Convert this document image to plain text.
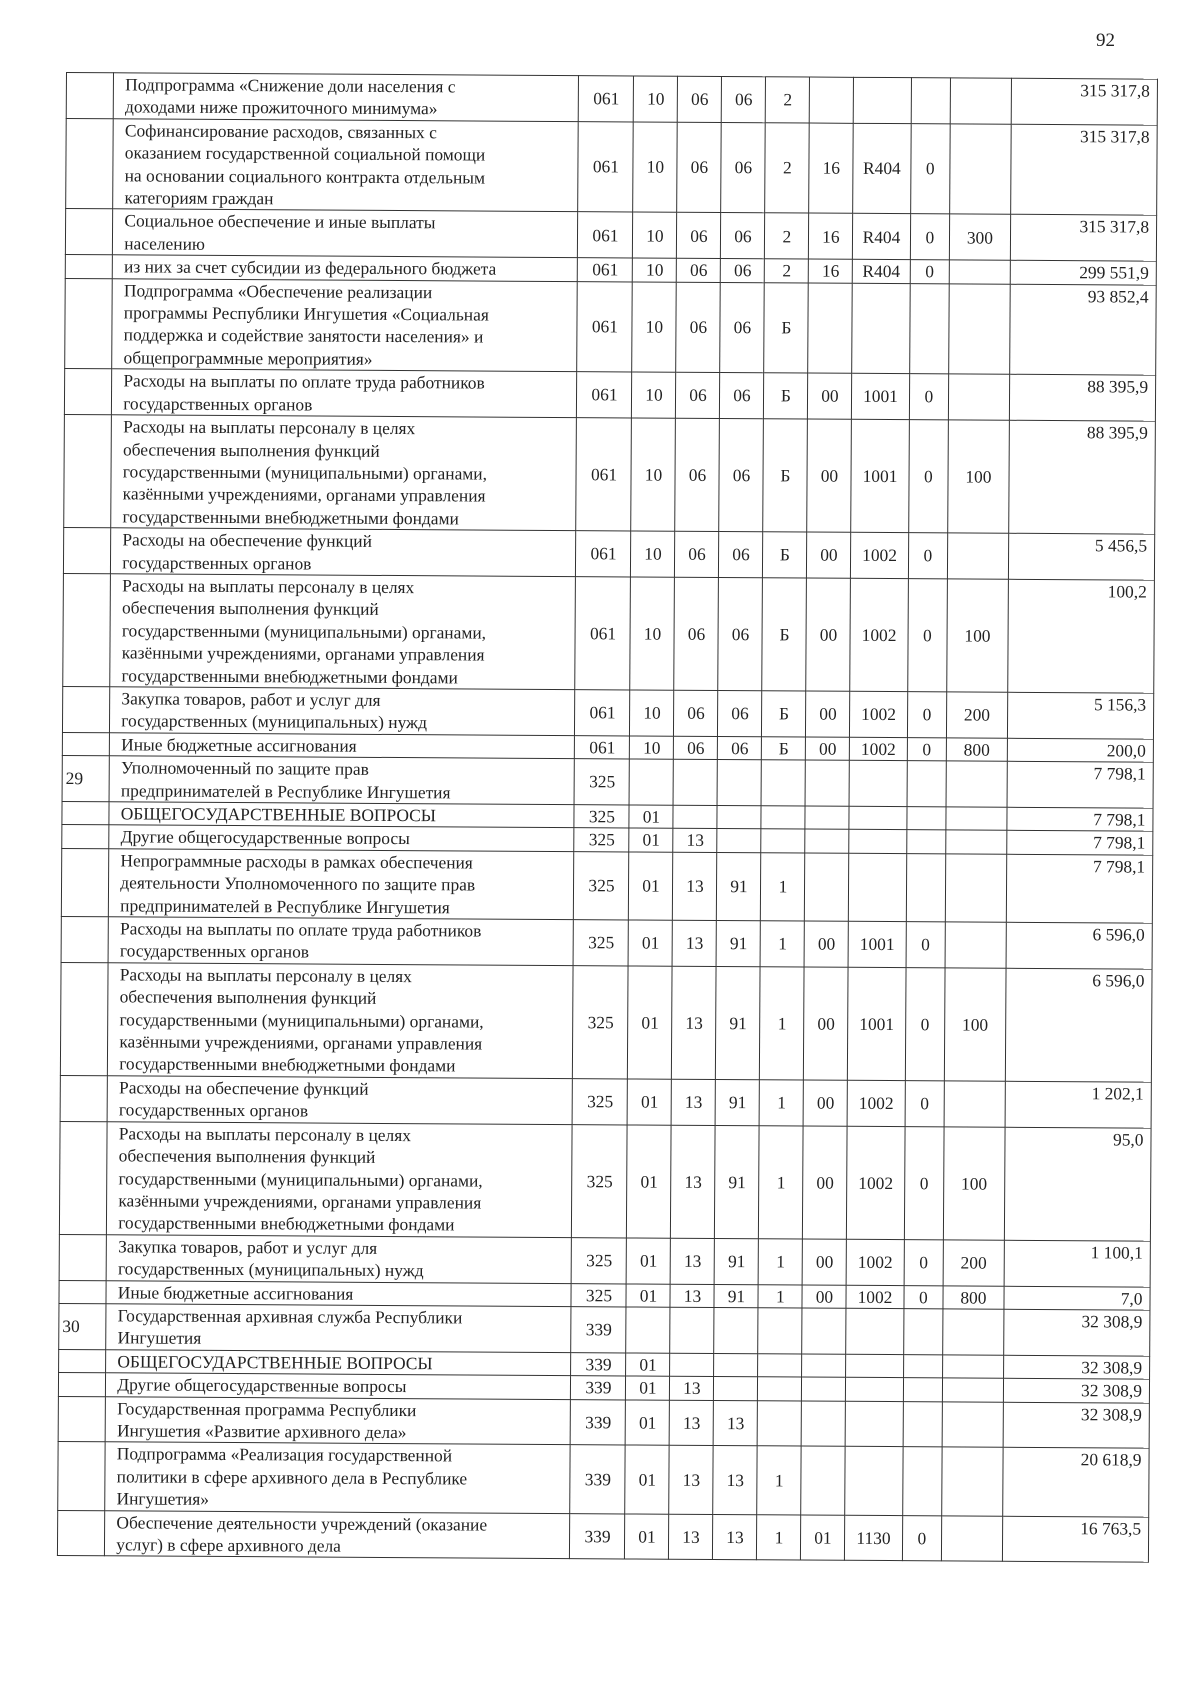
92
	Подпрограмма «Снижение доли населения с
доходами ниже прожиточного минимума»	061	10	06	06	2					315 317,8
	Софинансирование расходов, связанных с
оказанием государственной социальной помощи
на основании социального контракта отдельным
категориям граждан	061	10	06	06	2	16	R404	0		315 317,8
	Социальное обеспечение и иные выплаты
населению	061	10	06	06	2	16	R404	0	300	315 317,8
	из них за счет субсидии из федерального бюджета	061	10	06	06	2	16	R404	0		299 551,9
	Подпрограмма «Обеспечение реализации
программы Республики Ингушетия «Социальная
поддержка и содействие занятости населения» и
общепрограммные мероприятия»	061	10	06	06	Б					93 852,4
	Расходы на выплаты по оплате труда работников
государственных органов	061	10	06	06	Б	00	1001	0		88 395,9
	Расходы на выплаты персоналу в целях
обеспечения выполнения функций
государственными (муниципальными) органами,
казёнными учреждениями, органами управления
государственными внебюджетными фондами	061	10	06	06	Б	00	1001	0	100	88 395,9
	Расходы на обеспечение функций
государственных органов	061	10	06	06	Б	00	1002	0		5 456,5
	Расходы на выплаты персоналу в целях
обеспечения выполнения функций
государственными (муниципальными) органами,
казёнными учреждениями, органами управления
государственными внебюджетными фондами	061	10	06	06	Б	00	1002	0	100	100,2
	Закупка товаров, работ и услуг для
государственных (муниципальных) нужд	061	10	06	06	Б	00	1002	0	200	5 156,3
	Иные бюджетные ассигнования	061	10	06	06	Б	00	1002	0	800	200,0
29	Уполномоченный по защите прав
предпринимателей в Республике Ингушетия	325									7 798,1
	ОБЩЕГОСУДАРСТВЕННЫЕ ВОПРОСЫ	325	01								7 798,1
	Другие общегосударственные вопросы	325	01	13							7 798,1
	Непрограммные расходы в рамках обеспечения
деятельности Уполномоченного по защите прав
предпринимателей в Республике Ингушетия	325	01	13	91	1					7 798,1
	Расходы на выплаты по оплате труда работников
государственных органов	325	01	13	91	1	00	1001	0		6 596,0
	Расходы на выплаты персоналу в целях
обеспечения выполнения функций
государственными (муниципальными) органами,
казёнными учреждениями, органами управления
государственными внебюджетными фондами	325	01	13	91	1	00	1001	0	100	6 596,0
	Расходы на обеспечение функций
государственных органов	325	01	13	91	1	00	1002	0		1 202,1
	Расходы на выплаты персоналу в целях
обеспечения выполнения функций
государственными (муниципальными) органами,
казёнными учреждениями, органами управления
государственными внебюджетными фондами	325	01	13	91	1	00	1002	0	100	95,0
	Закупка товаров, работ и услуг для
государственных (муниципальных) нужд	325	01	13	91	1	00	1002	0	200	1 100,1
	Иные бюджетные ассигнования	325	01	13	91	1	00	1002	0	800	7,0
30	Государственная архивная служба Республики
Ингушетия	339									32 308,9
	ОБЩЕГОСУДАРСТВЕННЫЕ ВОПРОСЫ	339	01								32 308,9
	Другие общегосударственные вопросы	339	01	13							32 308,9
	Государственная программа Республики
Ингушетия «Развитие архивного дела»	339	01	13	13						32 308,9
	Подпрограмма «Реализация государственной
политики в сфере архивного дела в Республике
Ингушетия»	339	01	13	13	1					20 618,9
	Обеспечение деятельности учреждений (оказание
услуг) в сфере архивного дела	339	01	13	13	1	01	1130	0		16 763,5
